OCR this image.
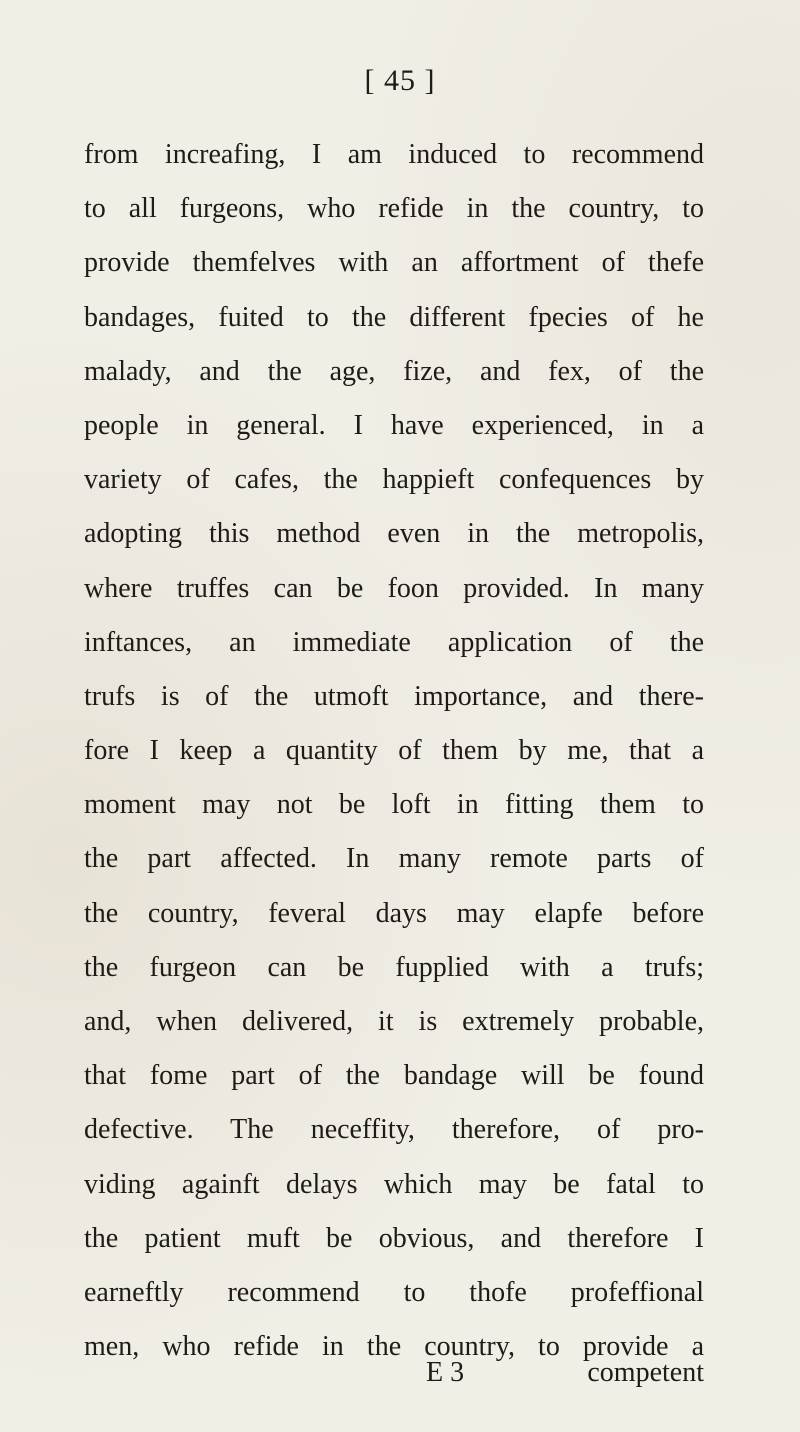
[ 45 ]
from increafing, I am induced to recommend
to all furgeons, who refide in the country, to
provide themfelves with an affortment of thefe
bandages, fuited to the different fpecies of he
malady, and the age, fize, and fex, of the
people in general. I have experienced, in a
variety of cafes, the happieft confequences by
adopting this method even in the metropolis,
where truffes can be foon provided. In many
inftances, an immediate application of the
trufs is of the utmoft importance, and there-
fore I keep a quantity of them by me, that a
moment may not be loft in fitting them to
the part affected. In many remote parts of
the country, feveral days may elapfe before
the furgeon can be fupplied with a trufs;
and, when delivered, it is extremely probable,
that fome part of the bandage will be found
defective. The neceffity, therefore, of pro-
viding againft delays which may be fatal to
the patient muft be obvious, and therefore I
earneftly recommend to thofe profeffional
men, who refide in the country, to provide a
E 3	competent
